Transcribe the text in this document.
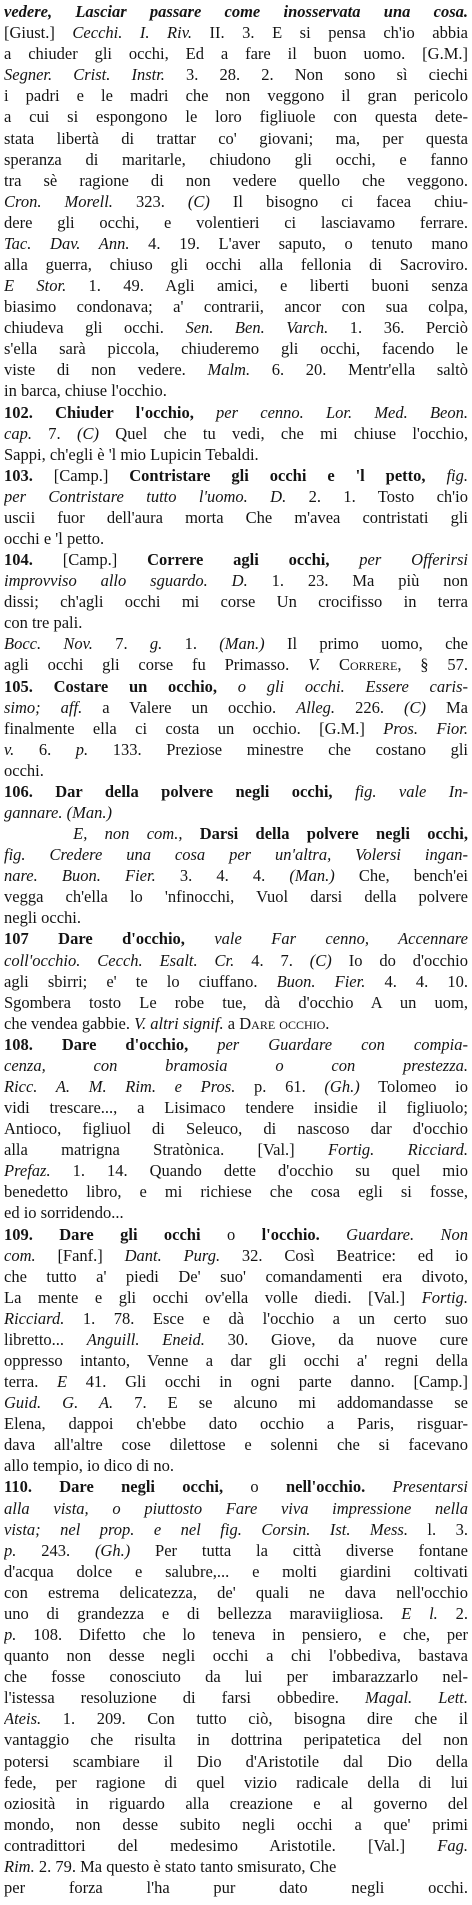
vedere, Lasciar passare come inosservata una cosa.
[Giust.] Cecchi. I. Riv. II. 3. E si pensa ch'io abbia
a chiuder gli occhi, Ed a fare il buon uomo. [G.M.]
Segner. Crist. Instr. 3. 28. 2. Non sono sì ciechi
i padri e le madri che non veggono il gran pericolo
a cui si espongono le loro figliuole con questa dete-
stata libertà di trattar co' giovani; ma, per questa
speranza di maritarle, chiudono gli occhi, e fanno
tra sè ragione di non vedere quello che veggono.
Cron. Morell. 323. (C) Il bisogno ci facea chiu-
dere gli occhi, e volentieri ci lasciavamo ferrare.
Tac. Dav. Ann. 4. 19. L'aver saputo, o tenuto mano
alla guerra, chiuso gli occhi alla fellonia di Sacroviro.
E Stor. 1. 49. Agli amici, e liberti buoni senza
biasimo condonava; a' contrarii, ancor con sua colpa,
chiudeva gli occhi. Sen. Ben. Varch. 1. 36. Perciò
s'ella sarà piccola, chiuderemo gli occhi, facendo le
viste di non vedere. Malm. 6. 20. Mentr'ella saltò
in barca, chiuse l'occhio.
102. Chiuder l'occhio, per cenno. Lor. Med. Beon.
cap. 7. (C) Quel che tu vedi, che mi chiuse l'occhio,
Sappi, ch'egli è 'l mio Lupicin Tebaldi.
103. [Camp.] Contristare gli occhi e 'l petto, fig.
per Contristare tutto l'uomo. D. 2. 1. Tosto ch'io
uscii fuor dell'aura morta Che m'avea contristati gli
occhi e 'l petto.
104. [Camp.] Correre agli occhi, per Offerirsi
improvviso allo sguardo. D. 1. 23. Ma più non
dissi; ch'agli occhi mi corse Un crocifisso in terra
con tre pali.
Bocc. Nov. 7. g. 1. (Man.) Il primo uomo, che
agli occhi gli corse fu Primasso. V. Correre, § 57.
105. Costare un occhio, o gli occhi. Essere caris-
simo; aff. a Valere un occhio. Alleg. 226. (C) Ma
finalmente ella ci costa un occhio. [G.M.] Pros. Fior.
v. 6. p. 133. Preziose minestre che costano gli
occhi.
106. Dar della polvere negli occhi, fig. vale In-
gannare. (Man.)
E, non com., Darsi della polvere negli occhi,
fig. Credere una cosa per un'altra, Volersi ingan-
nare. Buon. Fier. 3. 4. 4. (Man.) Che, bench'ei
vegga ch'ella lo 'nfinocchi, Vuol darsi della polvere
negli occhi.
107 Dare d'occhio, vale Far cenno, Accennare
coll'occhio. Cecch. Esalt. Cr. 4. 7. (C) Io do d'occhio
agli sbirri; e' te lo ciuffano. Buon. Fier. 4. 4. 10.
Sgombera tosto Le robe tue, dà d'occhio A un uom,
che vendea gabbie. V. altri signif. a Dare occhio.
108. Dare d'occhio, per Guardare con compia-
cenza, con bramosia o con prestezza.
Ricc. A. M. Rim. e Pros. p. 61. (Gh.) Tolomeo io
vidi trescare..., a Lisimaco tendere insidie il figliuolo;
Antioco, figliuol di Seleuco, di nascoso dar d'occhio
alla matrigna Stratònica. [Val.] Fortig. Ricciard.
Prefaz. 1. 14. Quando dette d'occhio su quel mio
benedetto libro, e mi richiese che cosa egli si fosse,
ed io sorridendo...
109. Dare gli occhi o l'occhio. Guardare. Non
com. [Fanf.] Dant. Purg. 32. Così Beatrice: ed io
che tutto a' piedi De' suo' comandamenti era divoto,
La mente e gli occhi ov'ella volle diedi. [Val.] Fortig.
Ricciard. 1. 78. Esce e dà l'occhio a un certo suo
libretto... Anguill. Eneid. 30. Giove, da nuove cure
oppresso intanto, Venne a dar gli occhi a' regni della
terra. E 41. Gli occhi in ogni parte danno. [Camp.]
Guid. G. A. 7. E se alcuno mi addomandasse se
Elena, dappoi ch'ebbe dato occhio a Paris, risguar-
dava all'altre cose dilettose e solenni che si facevano
allo tempio, io dico di no.
110. Dare negli occhi, o nell'occhio. Presentarsi
alla vista, o piuttosto Fare viva impressione nella
vista; nel prop. e nel fig. Corsin. Ist. Mess. l. 3.
p. 243. (Gh.) Per tutta la città diverse fontane
d'acqua dolce e salubre,... e molti giardini coltivati
con estrema delicatezza, de' quali ne dava nell'occhio
uno di grandezza e di bellezza maraviigliosa. E l. 2.
p. 108. Difetto che lo teneva in pensiero, e che, per
quanto non desse negli occhi a chi l'obbediva, bastava
che fosse conosciuto da lui per imbarazzarlo nel-
l'istessa resoluzione di farsi obbedire. Magal. Lett.
Ateis. 1. 209. Con tutto ciò, bisogna dire che il
vantaggio che risulta in dottrina peripatetica del non
potersi scambiare il Dio d'Aristotile dal Dio della
fede, per ragione di quel vizio radicale della di lui
oziosità in riguardo alla creazione e al governo del
mondo, non desse subito negli occhi a que' primi
contradittori del medesimo Aristotile. [Val.] Fag.
Rim. 2. 79. Ma questo è stato tanto smisurato, Che
per forza l'ha pur dato negli occhi.
